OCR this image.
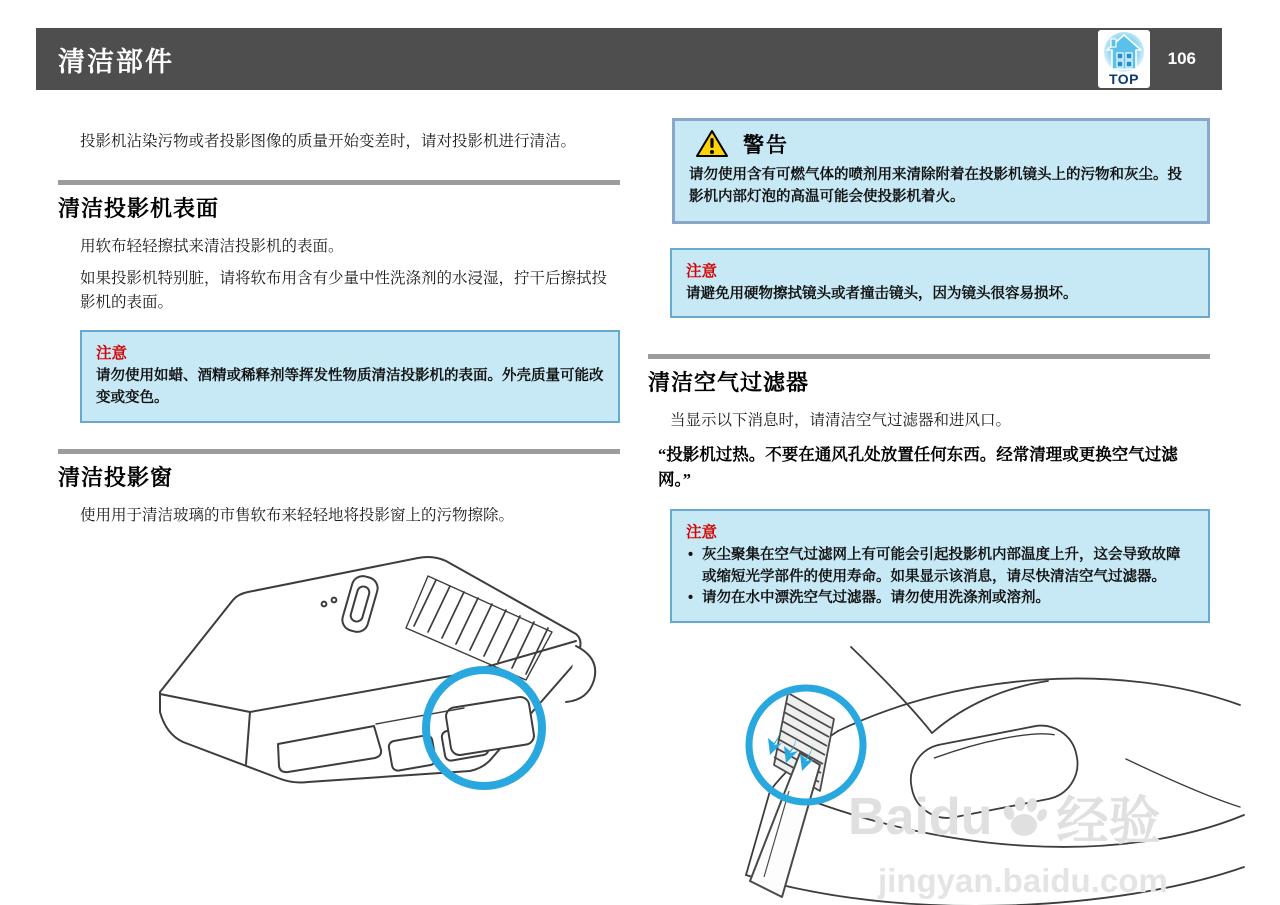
清洁部件
TOP
106

投影机沾染污物或者投影图像的质量开始变差时，请对投影机进行清洁。

清洁投影机表面

用软布轻轻擦拭来清洁投影机的表面。

如果投影机特别脏，请将软布用含有少量中性洗涤剂的水浸湿，拧干后擦拭投影机的表面。

注意

请勿使用如蜡、酒精或稀释剂等挥发性物质清洁投影机的表面。外壳质量可能改变或变色。

清洁投影窗

使用用于清洁玻璃的市售软布来轻轻地将投影窗上的污物擦除。

警告

请勿使用含有可燃气体的喷剂用来清除附着在投影机镜头上的污物和灰尘。投影机内部灯泡的高温可能会使投影机着火。

注意

请避免用硬物擦拭镜头或者撞击镜头，因为镜头很容易损坏。

清洁空气过滤器

当显示以下消息时，请清洁空气过滤器和进风口。

“投影机过热。不要在通风孔处放置任何东西。经常清理或更换空气过滤网。”

注意
• 灰尘聚集在空气过滤网上有可能会引起投影机内部温度上升，这会导致故障或缩短光学部件的使用寿命。如果显示该消息，请尽快清洁空气过滤器。
• 请勿在水中漂洗空气过滤器。请勿使用洗涤剂或溶剂。
Baidu 经验
jingyan.baidu.com
